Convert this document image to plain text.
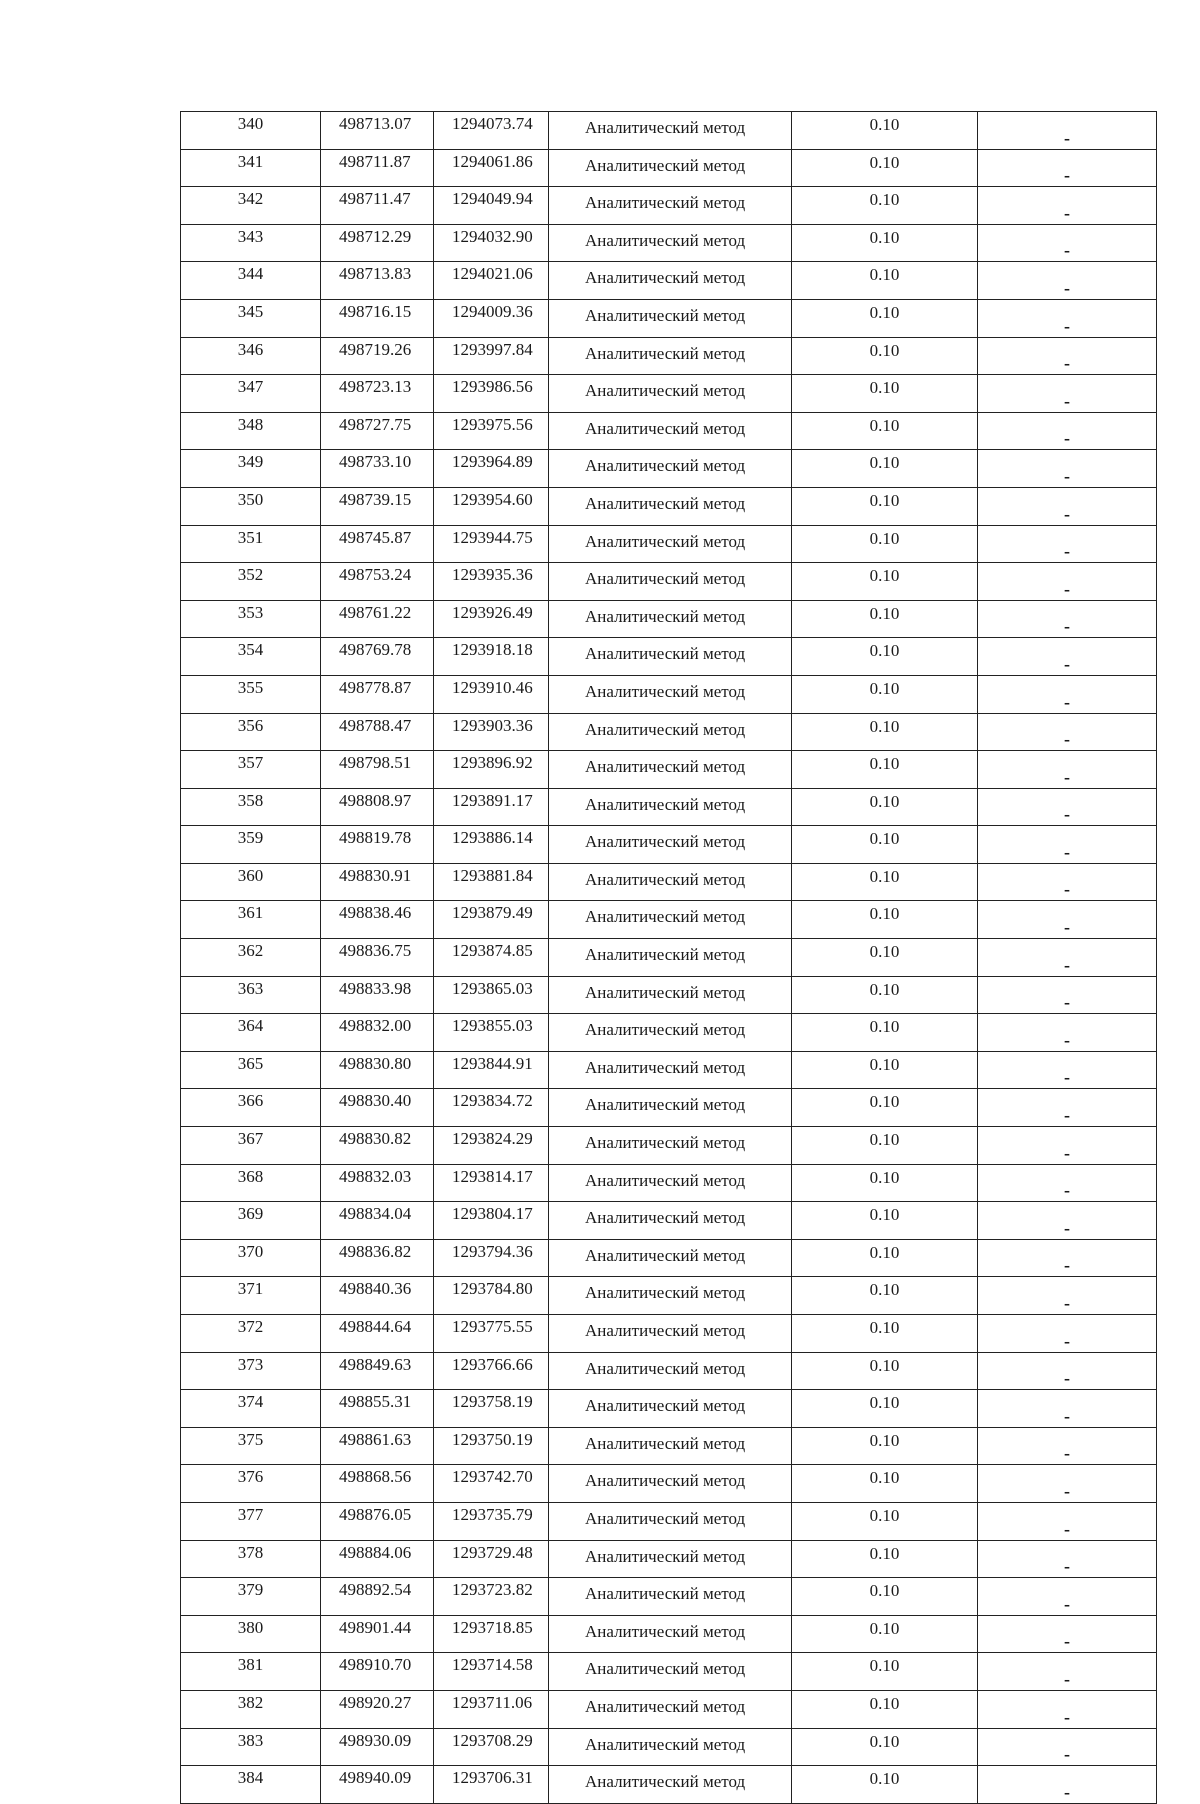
340	498713.07	1294073.74	Аналитический метод	0.10	-
341	498711.87	1294061.86	Аналитический метод	0.10	-
342	498711.47	1294049.94	Аналитический метод	0.10	-
343	498712.29	1294032.90	Аналитический метод	0.10	-
344	498713.83	1294021.06	Аналитический метод	0.10	-
345	498716.15	1294009.36	Аналитический метод	0.10	-
346	498719.26	1293997.84	Аналитический метод	0.10	-
347	498723.13	1293986.56	Аналитический метод	0.10	-
348	498727.75	1293975.56	Аналитический метод	0.10	-
349	498733.10	1293964.89	Аналитический метод	0.10	-
350	498739.15	1293954.60	Аналитический метод	0.10	-
351	498745.87	1293944.75	Аналитический метод	0.10	-
352	498753.24	1293935.36	Аналитический метод	0.10	-
353	498761.22	1293926.49	Аналитический метод	0.10	-
354	498769.78	1293918.18	Аналитический метод	0.10	-
355	498778.87	1293910.46	Аналитический метод	0.10	-
356	498788.47	1293903.36	Аналитический метод	0.10	-
357	498798.51	1293896.92	Аналитический метод	0.10	-
358	498808.97	1293891.17	Аналитический метод	0.10	-
359	498819.78	1293886.14	Аналитический метод	0.10	-
360	498830.91	1293881.84	Аналитический метод	0.10	-
361	498838.46	1293879.49	Аналитический метод	0.10	-
362	498836.75	1293874.85	Аналитический метод	0.10	-
363	498833.98	1293865.03	Аналитический метод	0.10	-
364	498832.00	1293855.03	Аналитический метод	0.10	-
365	498830.80	1293844.91	Аналитический метод	0.10	-
366	498830.40	1293834.72	Аналитический метод	0.10	-
367	498830.82	1293824.29	Аналитический метод	0.10	-
368	498832.03	1293814.17	Аналитический метод	0.10	-
369	498834.04	1293804.17	Аналитический метод	0.10	-
370	498836.82	1293794.36	Аналитический метод	0.10	-
371	498840.36	1293784.80	Аналитический метод	0.10	-
372	498844.64	1293775.55	Аналитический метод	0.10	-
373	498849.63	1293766.66	Аналитический метод	0.10	-
374	498855.31	1293758.19	Аналитический метод	0.10	-
375	498861.63	1293750.19	Аналитический метод	0.10	-
376	498868.56	1293742.70	Аналитический метод	0.10	-
377	498876.05	1293735.79	Аналитический метод	0.10	-
378	498884.06	1293729.48	Аналитический метод	0.10	-
379	498892.54	1293723.82	Аналитический метод	0.10	-
380	498901.44	1293718.85	Аналитический метод	0.10	-
381	498910.70	1293714.58	Аналитический метод	0.10	-
382	498920.27	1293711.06	Аналитический метод	0.10	-
383	498930.09	1293708.29	Аналитический метод	0.10	-
384	498940.09	1293706.31	Аналитический метод	0.10	-
